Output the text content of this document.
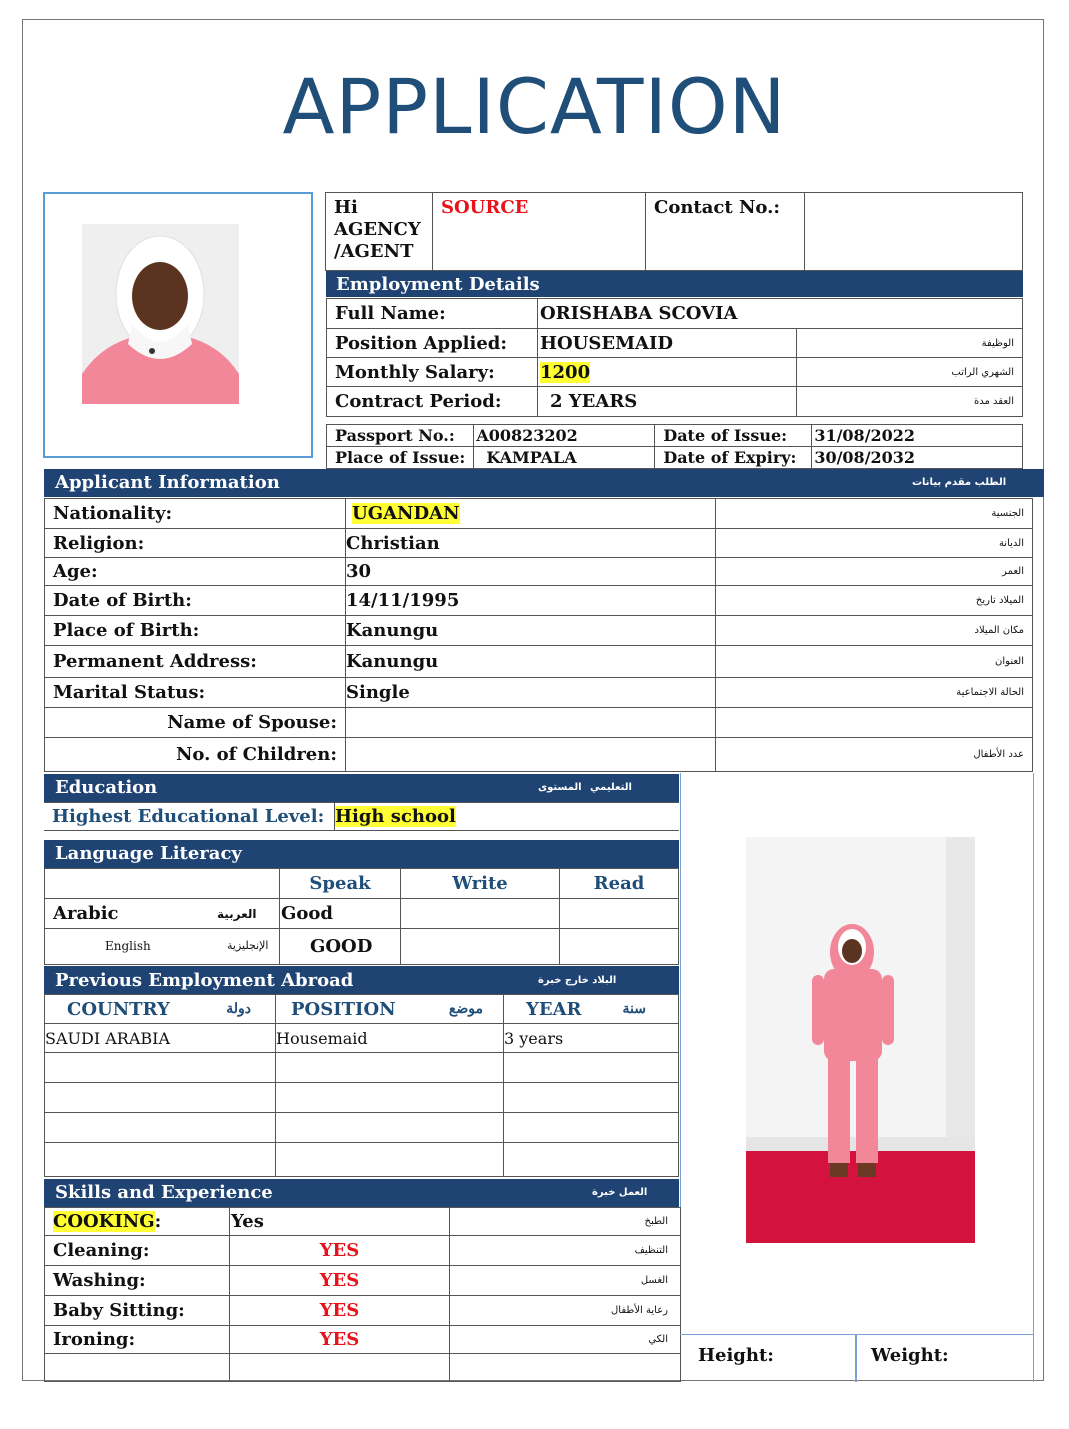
APPLICATION
Hi
AGENCY
/AGENT	SOURCE	Contact No.:	
Employment Details
Full Name:	ORISHABA SCOVIA	
Position Applied:	HOUSEMAID	الوظيفة
Monthly Salary:	1200	الشهري الراتب
Contract Period:	2 YEARS	العقد مدة
Passport No.:	A00823202	Date of Issue:	31/08/2022
Place of Issue:	KAMPALA	Date of Expiry:	30/08/2032
Applicant Information	الطلب مقدم بيانات
Nationality:	UGANDAN	الجنسية
Religion:	Christian	الديانة
Age:	30	العمر
Date of Birth:	14/11/1995	الميلاد تاريخ
Place of Birth:	Kanungu	مكان الميلاد
Permanent Address:	Kanungu	العنوان
Marital Status:	Single	الحالة الاجتماعية
Name of Spouse:		
No. of Children:		عدد الأطفال
Education	المستوى التعليمي
Highest Educational Level:	High school
Language Literacy
	Speak	Write	Read
Arabic العربية	Good		

English الإنجليزية	GOOD		
Previous Employment Abroad	البلاد خارج خبرة
COUNTRY دولة	POSITION موضع	YEAR سنة

SAUDI ARABIA	Housemaid	3 years

Skills and Experience	العمل خبرة
COOKING:	Yes	الطبخ
Cleaning:	YES	التنظيف
Washing:	YES	الغسل
Baby Sitting:	YES	رعاية الأطفال
Ironing:	YES	الكي

Height:	Weight:
